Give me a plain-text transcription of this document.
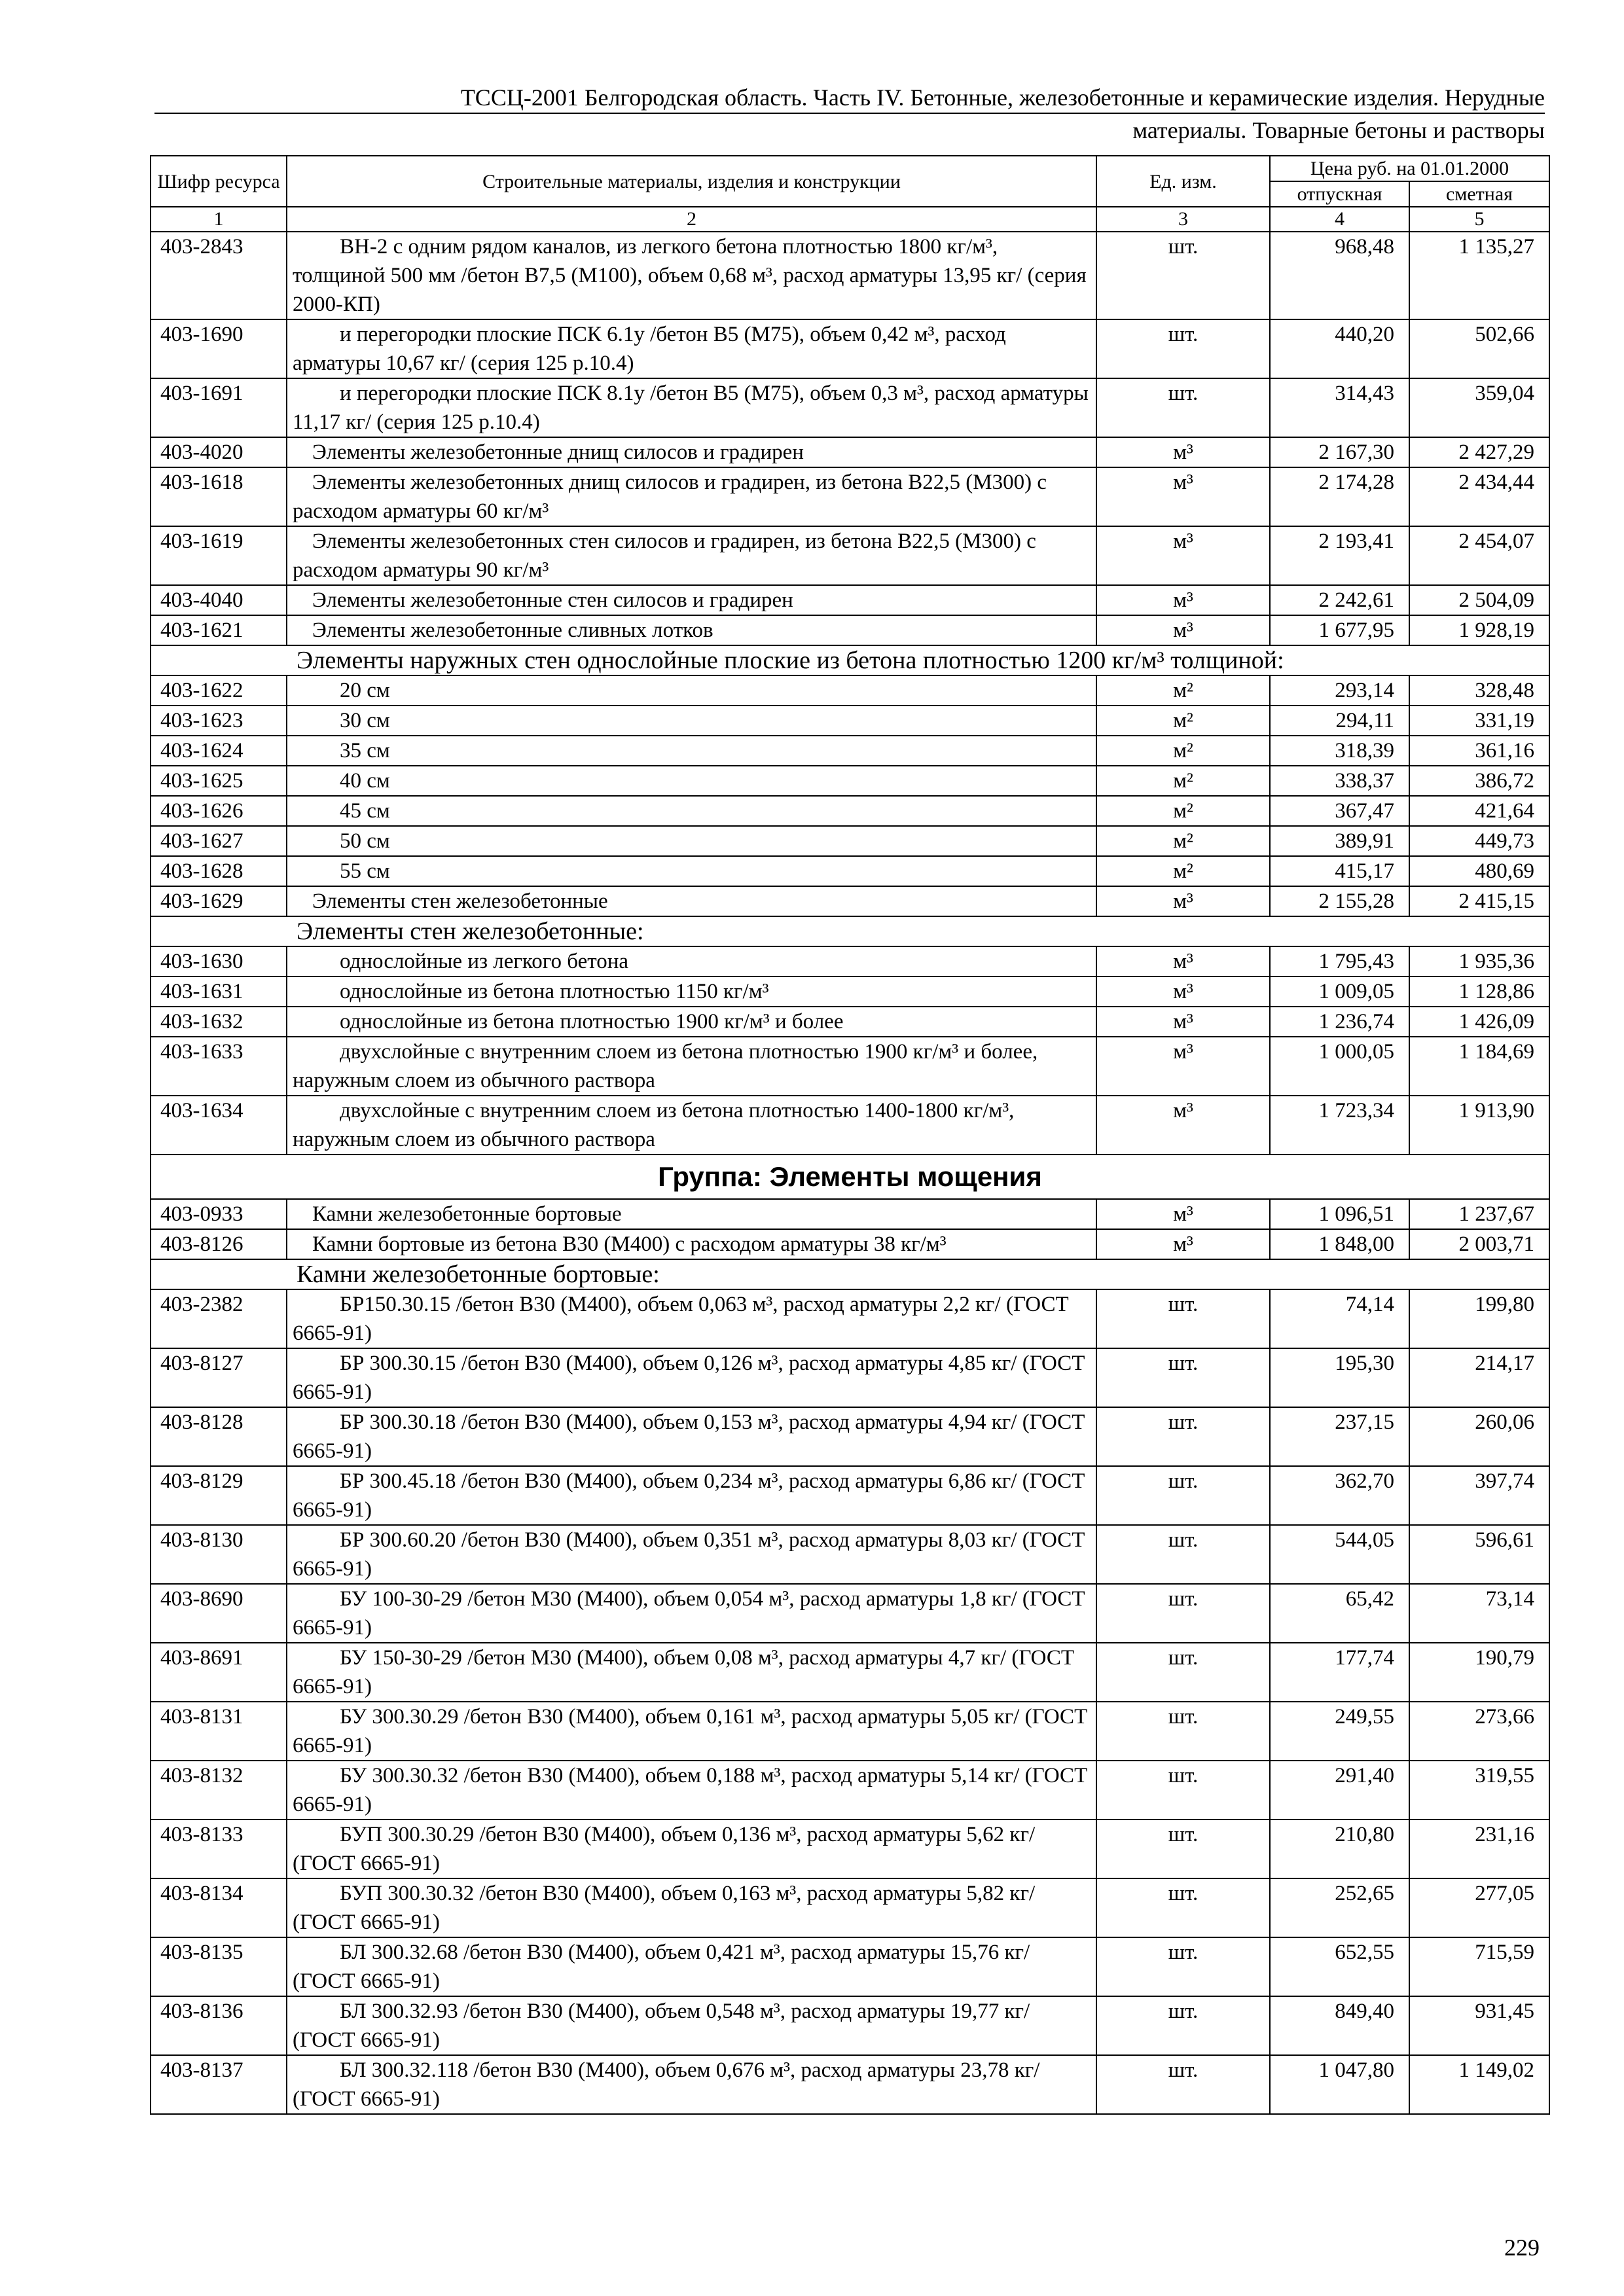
ТССЦ-2001 Белгородская область. Часть IV. Бетонные, железобетонные и керамические изделия. Нерудные
материалы. Товарные бетоны и растворы
Шифр ресурса	Строительные материалы, изделия и конструкции	Ед. изм.	Цена руб. на 01.01.2000	
			отпускная	сметная
1	2	3	4	5
403-2843	ВН-2 с одним рядом каналов, из легкого бетона плотностью 1800 кг/м³, толщиной 500 мм /бетон В7,5 (М100), объем 0,68 м³, расход арматуры 13,95 кг/ (серия 2000-КП)	шт.	968,48	1 135,27
403-1690	и перегородки плоские ПСК 6.1у /бетон В5 (М75), объем 0,42 м³, расход арматуры 10,67 кг/ (серия 125 р.10.4)	шт.	440,20	502,66
403-1691	и перегородки плоские ПСК 8.1у /бетон В5 (М75), объем 0,3 м³, расход арматуры 11,17 кг/ (серия 125 р.10.4)	шт.	314,43	359,04
403-4020	Элементы железобетонные днищ силосов и градирен	м³	2 167,30	2 427,29
403-1618	Элементы железобетонных днищ силосов и градирен, из бетона В22,5 (М300) с расходом арматуры 60 кг/м³	м³	2 174,28	2 434,44
403-1619	Элементы железобетонных стен силосов и градирен, из бетона В22,5 (М300) с расходом арматуры 90 кг/м³	м³	2 193,41	2 454,07
403-4040	Элементы железобетонные стен силосов и градирен	м³	2 242,61	2 504,09
403-1621	Элементы железобетонные сливных лотков	м³	1 677,95	1 928,19
Элементы наружных стен однослойные плоские из бетона плотностью 1200 кг/м³ толщиной:				
403-1622	20 см	м²	293,14	328,48
403-1623	30 см	м²	294,11	331,19
403-1624	35 см	м²	318,39	361,16
403-1625	40 см	м²	338,37	386,72
403-1626	45 см	м²	367,47	421,64
403-1627	50 см	м²	389,91	449,73
403-1628	55 см	м²	415,17	480,69
403-1629	Элементы стен железобетонные	м³	2 155,28	2 415,15
Элементы стен железобетонные:				
403-1630	однослойные из легкого бетона	м³	1 795,43	1 935,36
403-1631	однослойные из бетона плотностью 1150 кг/м³	м³	1 009,05	1 128,86
403-1632	однослойные из бетона плотностью 1900 кг/м³ и более	м³	1 236,74	1 426,09
403-1633	двухслойные с внутренним слоем из бетона плотностью 1900 кг/м³ и более, наружным слоем из обычного раствора	м³	1 000,05	1 184,69
403-1634	двухслойные с внутренним слоем из бетона плотностью 1400-1800 кг/м³, наружным слоем из обычного раствора	м³	1 723,34	1 913,90
Группа: Элементы мощения				
403-0933	Камни железобетонные бортовые	м³	1 096,51	1 237,67
403-8126	Камни бортовые из бетона В30 (М400) с расходом арматуры 38 кг/м³	м³	1 848,00	2 003,71
Камни железобетонные бортовые:				
403-2382	БР150.30.15 /бетон В30 (М400), объем 0,063 м³, расход арматуры 2,2 кг/ (ГОСТ 6665-91)	шт.	74,14	199,80
403-8127	БР 300.30.15 /бетон В30 (М400), объем 0,126 м³, расход арматуры 4,85 кг/ (ГОСТ 6665-91)	шт.	195,30	214,17
403-8128	БР 300.30.18 /бетон В30 (М400), объем 0,153 м³, расход арматуры 4,94 кг/ (ГОСТ 6665-91)	шт.	237,15	260,06
403-8129	БР 300.45.18 /бетон В30 (М400), объем 0,234 м³, расход арматуры 6,86 кг/ (ГОСТ 6665-91)	шт.	362,70	397,74
403-8130	БР 300.60.20 /бетон В30 (М400), объем 0,351 м³, расход арматуры 8,03 кг/ (ГОСТ 6665-91)	шт.	544,05	596,61
403-8690	БУ 100-30-29 /бетон М30 (М400), объем 0,054 м³, расход арматуры 1,8 кг/ (ГОСТ 6665-91)	шт.	65,42	73,14
403-8691	БУ 150-30-29 /бетон М30 (М400), объем 0,08 м³, расход арматуры 4,7 кг/ (ГОСТ 6665-91)	шт.	177,74	190,79
403-8131	БУ 300.30.29 /бетон В30 (М400), объем 0,161 м³, расход арматуры 5,05 кг/ (ГОСТ 6665-91)	шт.	249,55	273,66
403-8132	БУ 300.30.32 /бетон В30 (М400), объем 0,188 м³, расход арматуры 5,14 кг/ (ГОСТ 6665-91)	шт.	291,40	319,55
403-8133	БУП 300.30.29 /бетон В30 (М400), объем 0,136 м³, расход арматуры 5,62 кг/ (ГОСТ 6665-91)	шт.	210,80	231,16
403-8134	БУП 300.30.32 /бетон В30 (М400), объем 0,163 м³, расход арматуры 5,82 кг/ (ГОСТ 6665-91)	шт.	252,65	277,05
403-8135	БЛ 300.32.68 /бетон В30 (М400), объем 0,421 м³, расход арматуры 15,76 кг/ (ГОСТ 6665-91)	шт.	652,55	715,59
403-8136	БЛ 300.32.93 /бетон В30 (М400), объем 0,548 м³, расход арматуры 19,77 кг/ (ГОСТ 6665-91)	шт.	849,40	931,45
403-8137	БЛ 300.32.118 /бетон В30 (М400), объем 0,676 м³, расход арматуры 23,78 кг/ (ГОСТ 6665-91)	шт.	1 047,80	1 149,02
229
